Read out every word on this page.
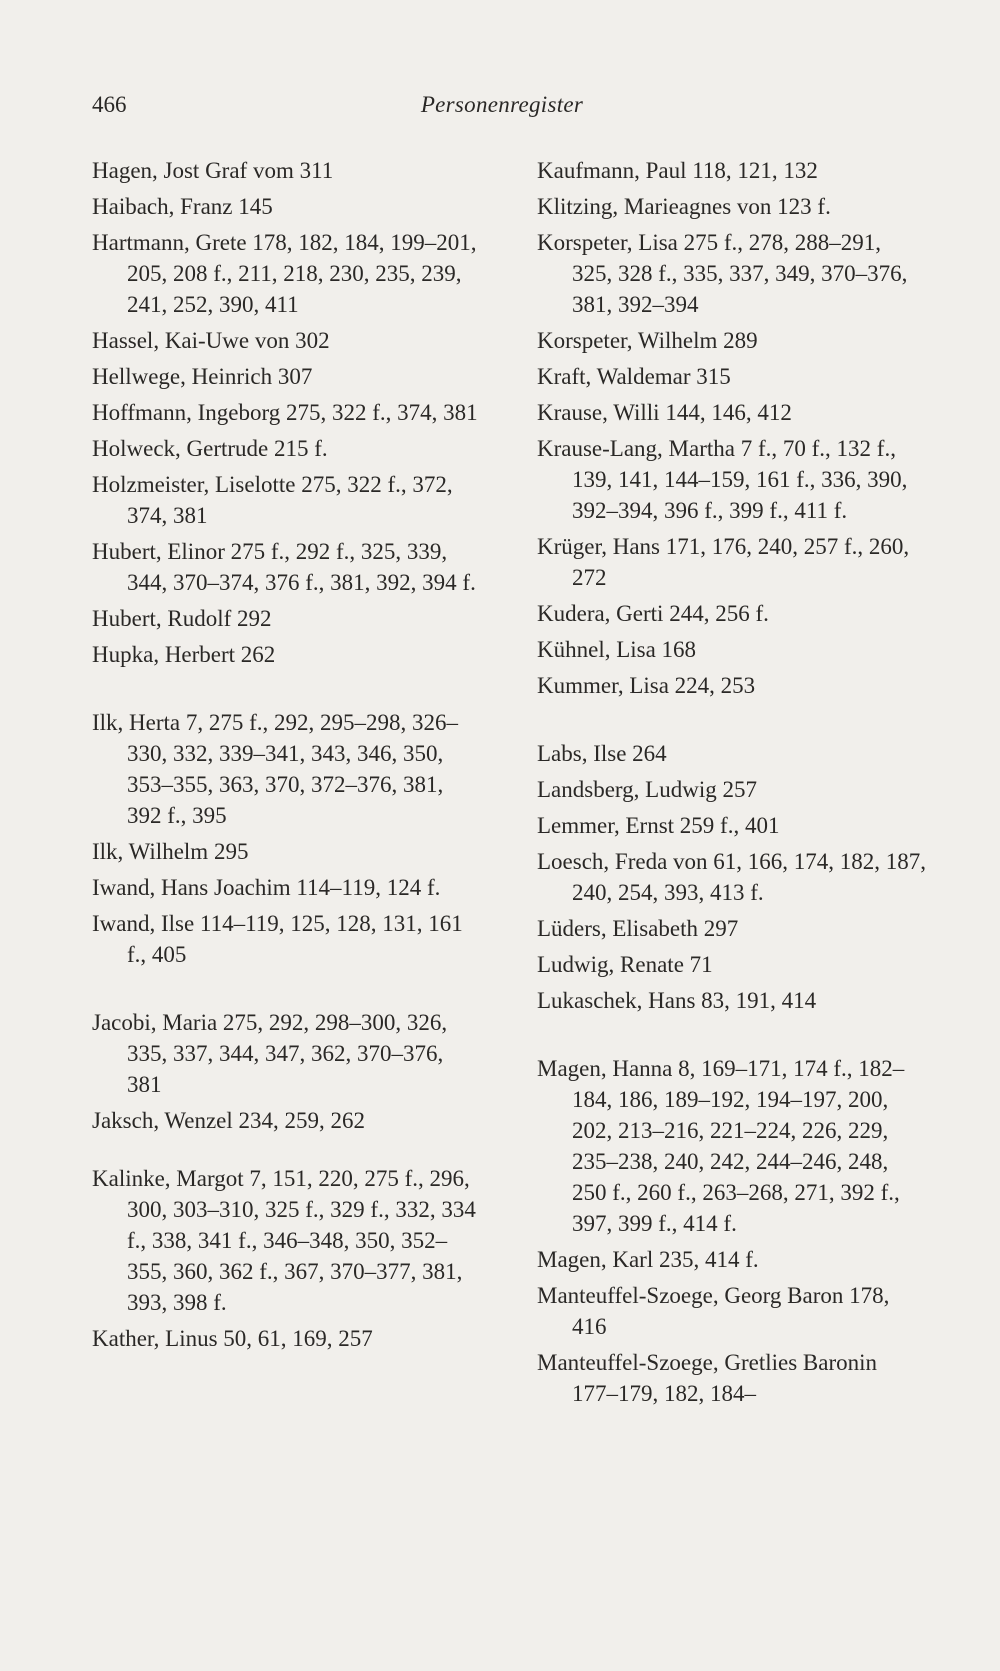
466	Personenregister
Hagen, Jost Graf vom 311
Haibach, Franz 145
Hartmann, Grete 178, 182, 184, 199–201, 205, 208 f., 211, 218, 230, 235, 239, 241, 252, 390, 411
Hassel, Kai-Uwe von 302
Hellwege, Heinrich 307
Hoffmann, Ingeborg 275, 322 f., 374, 381
Holweck, Gertrude 215 f.
Holzmeister, Liselotte 275, 322 f., 372, 374, 381
Hubert, Elinor 275 f., 292 f., 325, 339, 344, 370–374, 376 f., 381, 392, 394 f.
Hubert, Rudolf 292
Hupka, Herbert 262
Ilk, Herta 7, 275 f., 292, 295–298, 326–330, 332, 339–341, 343, 346, 350, 353–355, 363, 370, 372–376, 381, 392 f., 395
Ilk, Wilhelm 295
Iwand, Hans Joachim 114–119, 124 f.
Iwand, Ilse 114–119, 125, 128, 131, 161 f., 405
Jacobi, Maria 275, 292, 298–300, 326, 335, 337, 344, 347, 362, 370–376, 381
Jaksch, Wenzel 234, 259, 262
Kalinke, Margot 7, 151, 220, 275 f., 296, 300, 303–310, 325 f., 329 f., 332, 334 f., 338, 341 f., 346–348, 350, 352–355, 360, 362 f., 367, 370–377, 381, 393, 398 f.
Kather, Linus 50, 61, 169, 257
Kaufmann, Paul 118, 121, 132
Klitzing, Marieagnes von 123 f.
Korspeter, Lisa 275 f., 278, 288–291, 325, 328 f., 335, 337, 349, 370–376, 381, 392–394
Korspeter, Wilhelm 289
Kraft, Waldemar 315
Krause, Willi 144, 146, 412
Krause-Lang, Martha 7 f., 70 f., 132 f., 139, 141, 144–159, 161 f., 336, 390, 392–394, 396 f., 399 f., 411 f.
Krüger, Hans 171, 176, 240, 257 f., 260, 272
Kudera, Gerti 244, 256 f.
Kühnel, Lisa 168
Kummer, Lisa 224, 253
Labs, Ilse 264
Landsberg, Ludwig 257
Lemmer, Ernst 259 f., 401
Loesch, Freda von 61, 166, 174, 182, 187, 240, 254, 393, 413 f.
Lüders, Elisabeth 297
Ludwig, Renate 71
Lukaschek, Hans 83, 191, 414
Magen, Hanna 8, 169–171, 174 f., 182–184, 186, 189–192, 194–197, 200, 202, 213–216, 221–224, 226, 229, 235–238, 240, 242, 244–246, 248, 250 f., 260 f., 263–268, 271, 392 f., 397, 399 f., 414 f.
Magen, Karl 235, 414 f.
Manteuffel-Szoege, Georg Baron 178, 416
Manteuffel-Szoege, Gretlies Baronin 177–179, 182, 184–
